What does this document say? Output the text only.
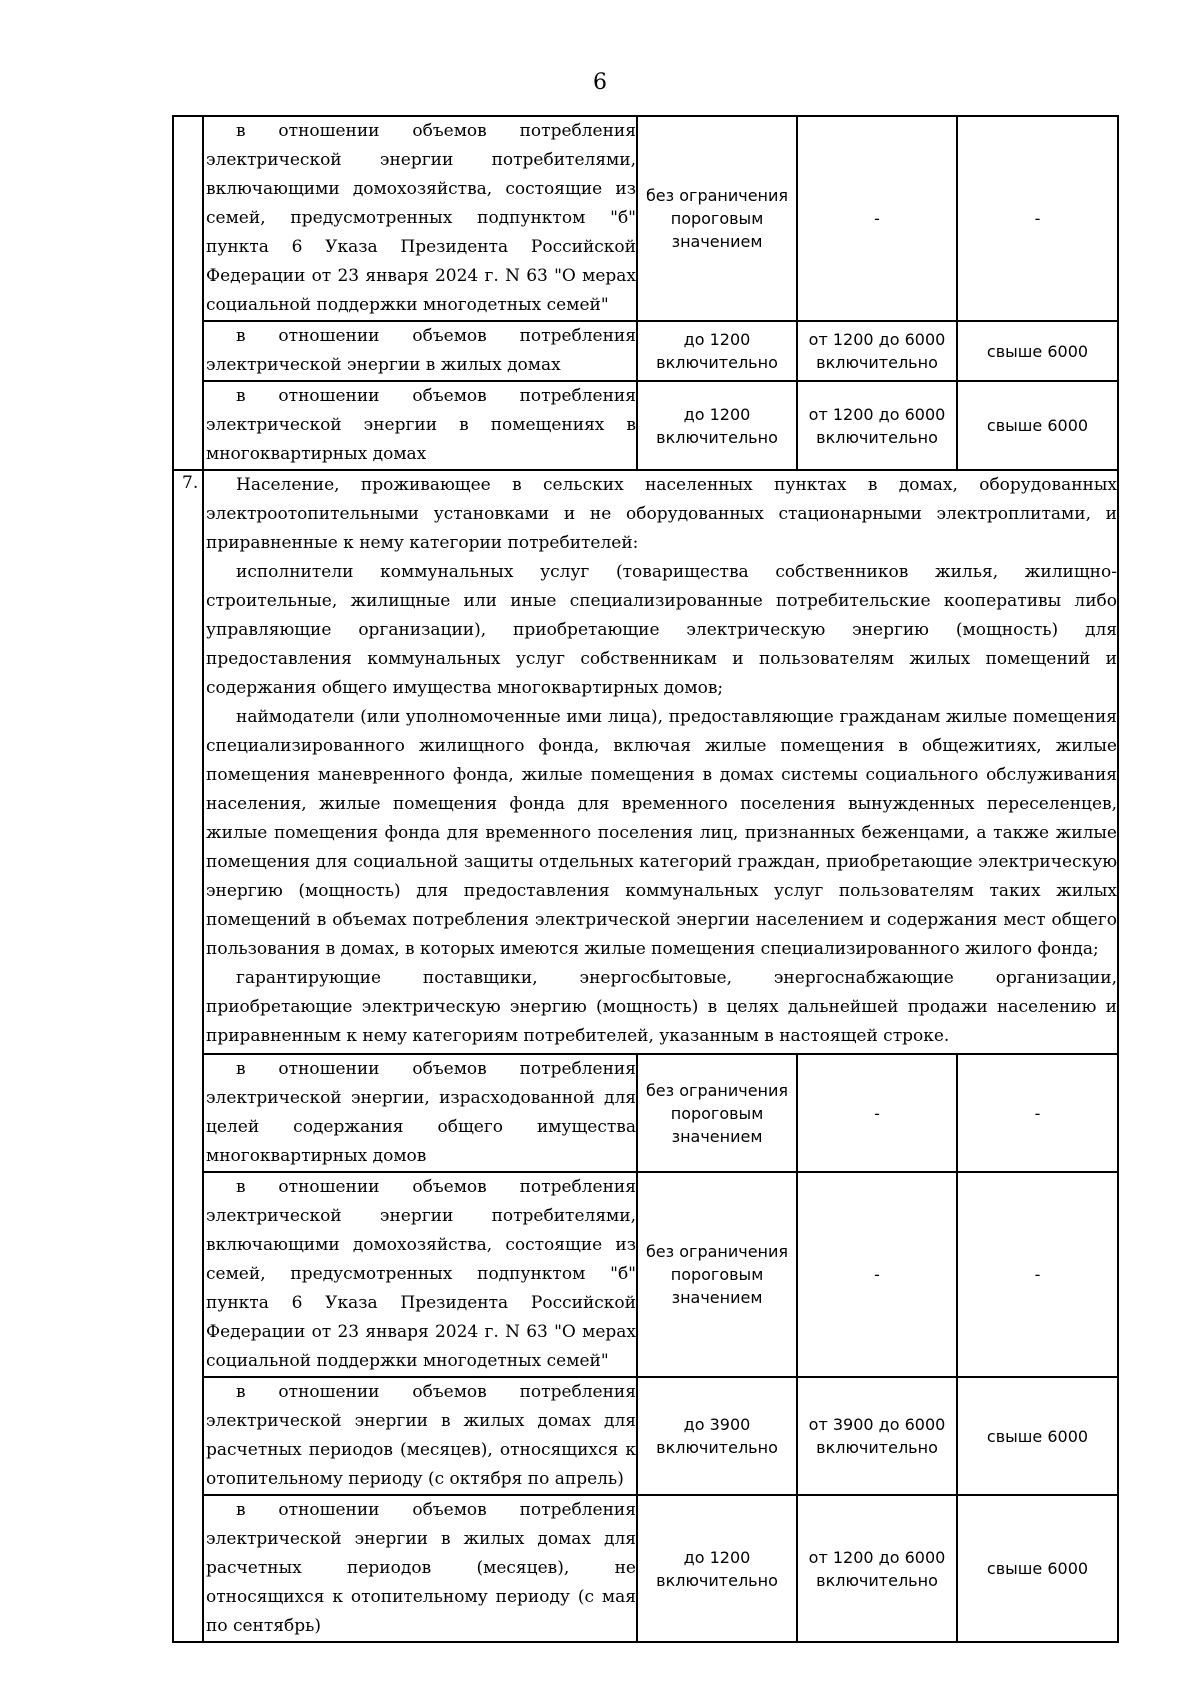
6

	в отношении объемов потребления электрической энергии потребителями, включающими домохозяйства, состоящие из семей, предусмотренных подпунктом "б" пункта 6 Указа Президента Российской Федерации от 23 января 2024 г. N 63 "О мерах социальной поддержки многодетных семей"	без ограничения пороговым значением	-	-

	в отношении объемов потребления электрической энергии в жилых домах	до 1200 включительно	от 1200 до 6000 включительно	свыше 6000

	в отношении объемов потребления электрической энергии в помещениях в многоквартирных домах	до 1200 включительно	от 1200 до 6000 включительно	свыше 6000
7.	Население, проживающее в сельских населенных пунктах в домах, оборудованных электроотопительными установками и не оборудованных стационарными электроплитами, и приравненные к нему категории потребителей:

исполнители коммунальных услуг (товарищества собственников жилья, жилищно-строительные, жилищные или иные специализированные потребительские кооперативы либо управляющие организации), приобретающие электрическую энергию (мощность) для предоставления коммунальных услуг собственникам и пользователям жилых помещений и содержания общего имущества многоквартирных домов;

наймодатели (или уполномоченные ими лица), предоставляющие гражданам жилые помещения специализированного жилищного фонда, включая жилые помещения в общежитиях, жилые помещения маневренного фонда, жилые помещения в домах системы социального обслуживания населения, жилые помещения фонда для временного поселения вынужденных переселенцев, жилые помещения фонда для временного поселения лиц, признанных беженцами, а также жилые помещения для социальной защиты отдельных категорий граждан, приобретающие электрическую энергию (мощность) для предоставления коммунальных услуг пользователям таких жилых помещений в объемах потребления электрической энергии населением и содержания мест общего пользования в домах, в которых имеются жилые помещения специализированного жилого фонда;

гарантирующие поставщики, энергосбытовые, энергоснабжающие организации, приобретающие электрическую энергию (мощность) в целях дальнейшей продажи населению и приравненным к нему категориям потребителей, указанным в настоящей строке.			

	в отношении объемов потребления электрической энергии, израсходованной для целей содержания общего имущества многоквартирных домов	без ограничения пороговым значением	-	-

	в отношении объемов потребления электрической энергии потребителями, включающими домохозяйства, состоящие из семей, предусмотренных подпунктом "б" пункта 6 Указа Президента Российской Федерации от 23 января 2024 г. N 63 "О мерах социальной поддержки многодетных семей"	без ограничения пороговым значением	-	-

	в отношении объемов потребления электрической энергии в жилых домах для расчетных периодов (месяцев), относящихся к отопительному периоду (с октября по апрель)	до 3900 включительно	от 3900 до 6000 включительно	свыше 6000

	в отношении объемов потребления электрической энергии в жилых домах для расчетных периодов (месяцев), не относящихся к отопительному периоду (с мая по сентябрь)	до 1200 включительно	от 1200 до 6000 включительно	свыше 6000
